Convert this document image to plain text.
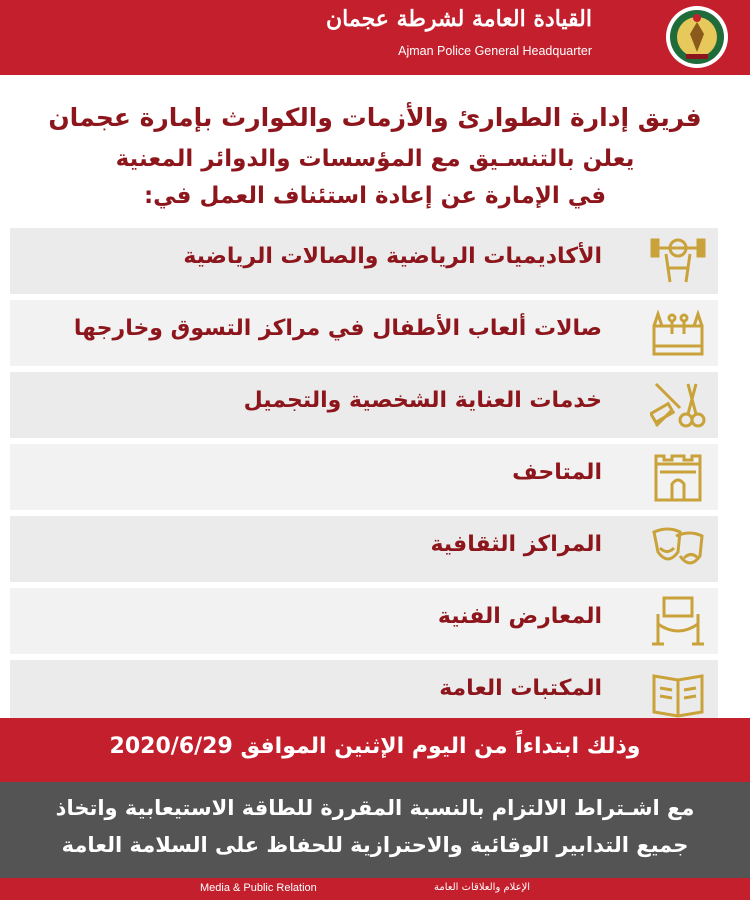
القيادة العامة لشرطة عجمان
Ajman Police General Headquarter
فريق إدارة الطوارئ والأزمات والكوارث بإمارة عجمان
يعلن بالتنسـيق مع المؤسسات والدوائر المعنية
في الإمارة عن إعادة استئناف العمل في:
الأكاديميات الرياضية والصالات الرياضية
صالات ألعاب الأطفال في مراكز التسوق وخارجها
خدمات العناية الشخصية والتجميل
المتاحف
المراكز الثقافية
المعارض الفنية
المكتبات العامة
وذلك ابتداءاً من اليوم الإثنين الموافق 2020/6/29
مع اشـتراط الالتزام بالنسبة المقررة للطاقة الاستيعابية واتخاذ
جميع التدابير الوقائية والاحترازية للحفاظ على السلامة العامة
Media & Public Relation	الإعلام والعلاقات العامة
